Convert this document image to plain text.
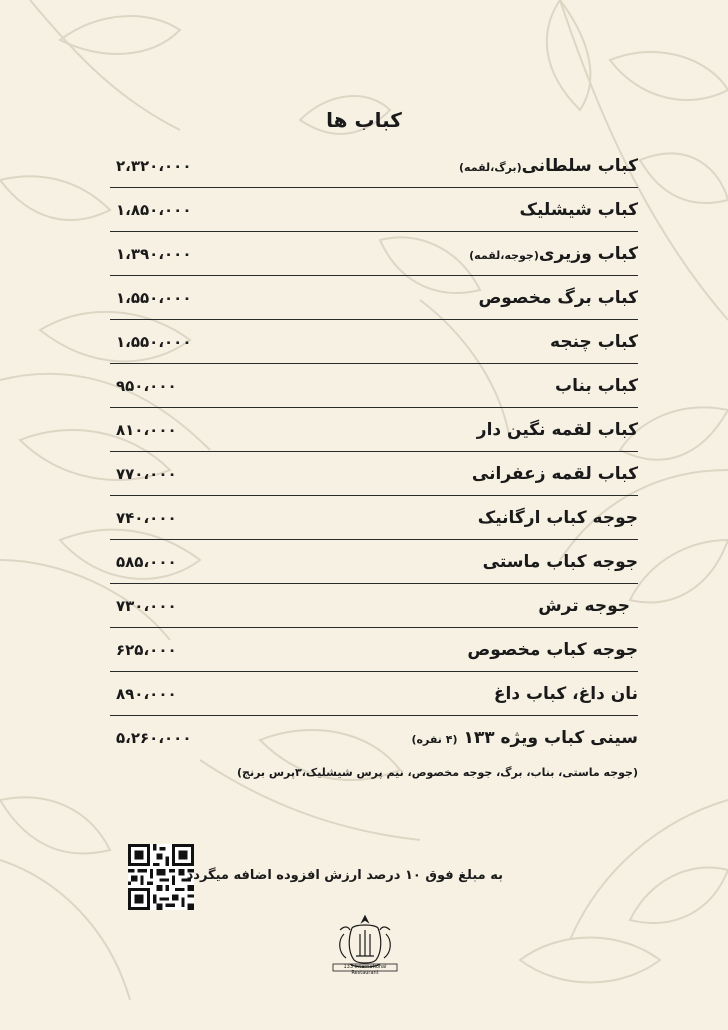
کباب ها
کباب سلطانی(برگ،لقمه)
۲،۳۲۰،۰۰۰
کباب شیشلیک
۱،۸۵۰،۰۰۰
کباب وزیری(جوجه،لقمه)
۱،۳۹۰،۰۰۰
کباب برگ مخصوص
۱،۵۵۰،۰۰۰
کباب چنجه
۱،۵۵۰،۰۰۰
کباب بناب
۹۵۰،۰۰۰
کباب لقمه نگین دار
۸۱۰،۰۰۰
کباب لقمه زعفرانی
۷۷۰،۰۰۰
جوجه کباب ارگانیک
۷۴۰،۰۰۰
جوجه کباب ماستی
۵۸۵،۰۰۰
جوجه ترش
۷۳۰،۰۰۰
جوجه کباب مخصوص
۶۲۵،۰۰۰
نان داغ، کباب داغ
۸۹۰،۰۰۰
سینی کباب ویژه ۱۳۳ (۴ نفره)
۵،۲۶۰،۰۰۰
(جوجه ماستی، بناب، برگ، جوجه مخصوص، نیم پرس شیشلیک،۳پرس برنج)
به مبلغ فوق ۱۰ درصد ارزش افزوده اضافه میگردد
133 International Restaurant
